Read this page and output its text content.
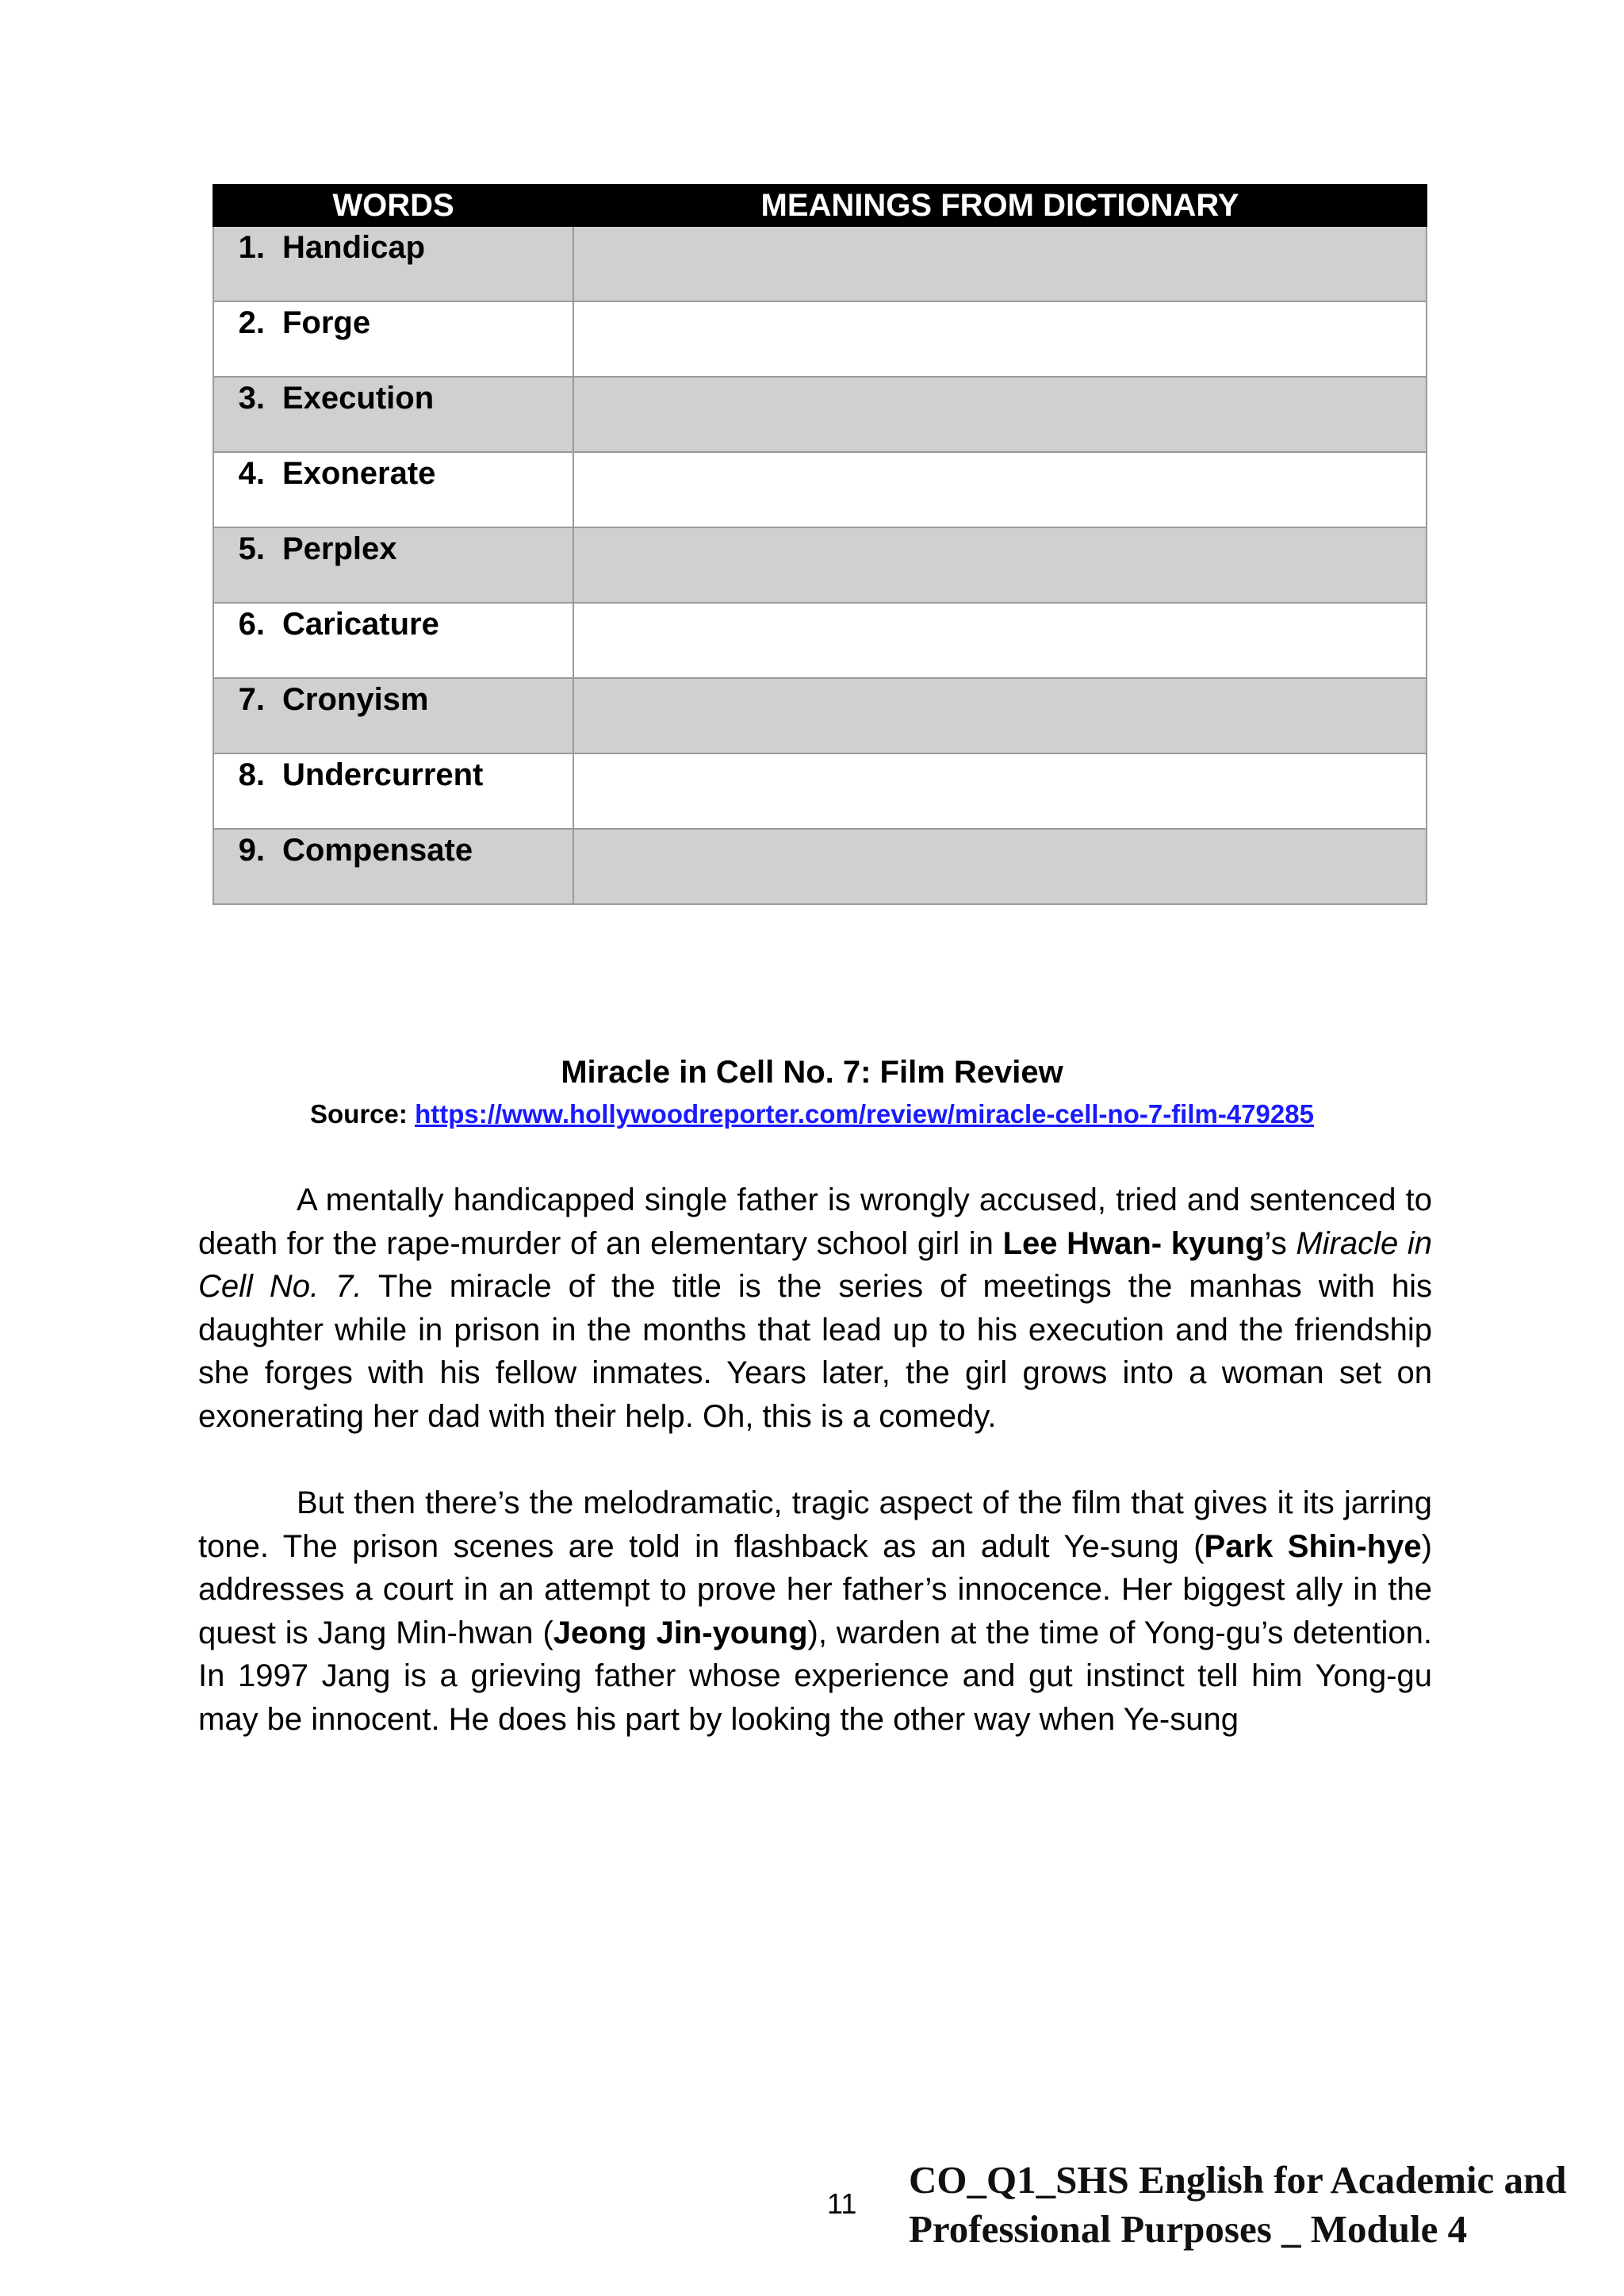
WORDS	MEANINGS FROM DICTIONARY

1. Handicap	

2. Forge	

3. Execution	

4. Exonerate	

5. Perplex	

6. Caricature	

7. Cronyism	

8. Undercurrent	

9. Compensate	

Miracle in Cell No. 7: Film Review
Source: https://www.hollywoodreporter.com/review/miracle-cell-no-7-film-479285

A mentally handicapped single father is wrongly accused, tried and sentenced to death for the rape-murder of an elementary school girl in Lee Hwan- kyung’s Miracle in Cell No. 7. The miracle of the title is the series of meetings the manhas with his daughter while in prison in the months that lead up to his execution and the friendship she forges with his fellow inmates. Years later, the girl grows into a woman set on exonerating her dad with their help. Oh, this is a comedy.

But then there’s the melodramatic, tragic aspect of the film that gives it its jarring tone. The prison scenes are told in flashback as an adult Ye-sung (Park Shin-hye) addresses a court in an attempt to prove her father’s innocence. Her biggest ally in the quest is Jang Min-hwan (Jeong Jin-young), warden at the time of Yong-gu’s detention. In 1997 Jang is a grieving father whose experience and gut instinct tell him Yong-gu may be innocent. He does his part by looking the other way when Ye-sung

11
CO_Q1_SHS English for Academic and
Professional Purposes _ Module 4
